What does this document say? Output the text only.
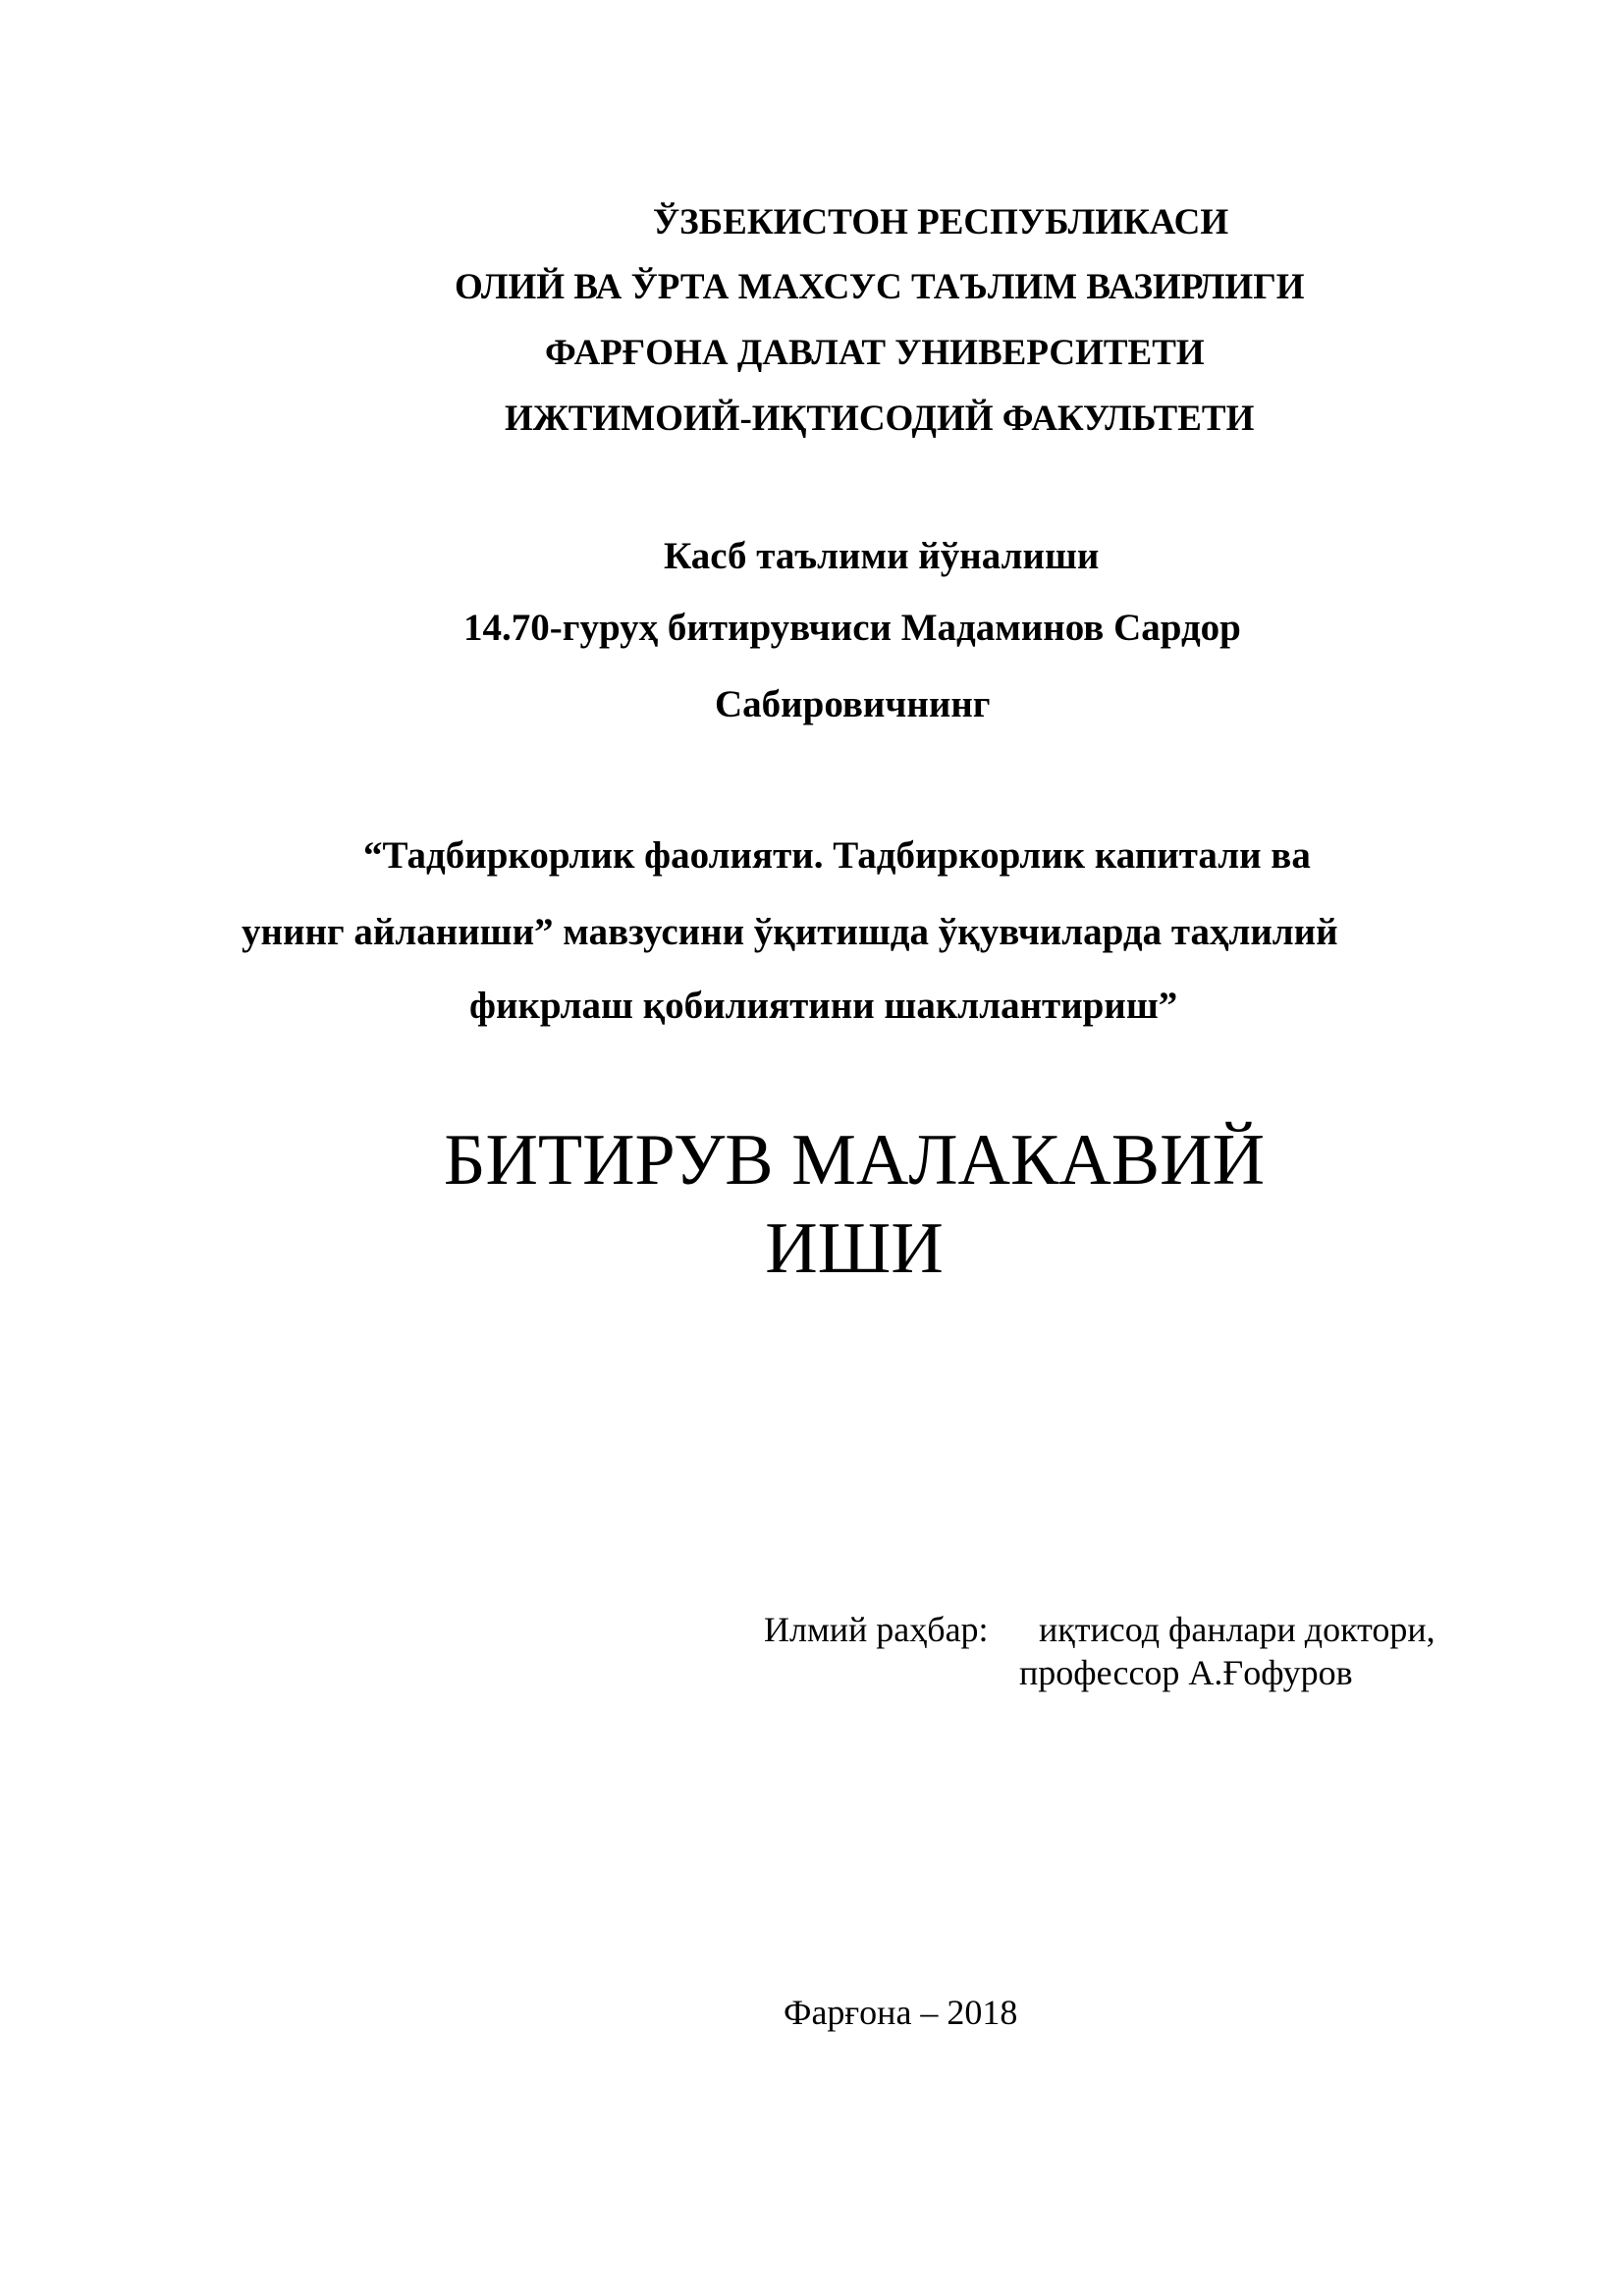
ЎЗБЕКИСТОН РЕСПУБЛИКАСИ
ОЛИЙ ВА ЎРТА МАХСУС ТАЪЛИМ ВАЗИРЛИГИ
ФАРҒОНА ДАВЛАТ УНИВЕРСИТЕТИ
ИЖТИМОИЙ-ИҚТИСОДИЙ ФАКУЛЬТЕТИ
Касб таълими йўналиши
14.70-гуруҳ битирувчиси Мадаминов Сардор
Сабировичнинг
“Тадбиркорлик фаолияти. Тадбиркорлик капитали ва
унинг айланиши” мавзусини ўқитишда ўқувчиларда таҳлилий
фикрлаш қобилиятини шакллантириш”
БИТИРУВ МАЛАКАВИЙ
ИШИ
Илмий раҳбар: иқтисод фанлари доктори,
профессор А.Ғофуров
Фарғона – 2018
